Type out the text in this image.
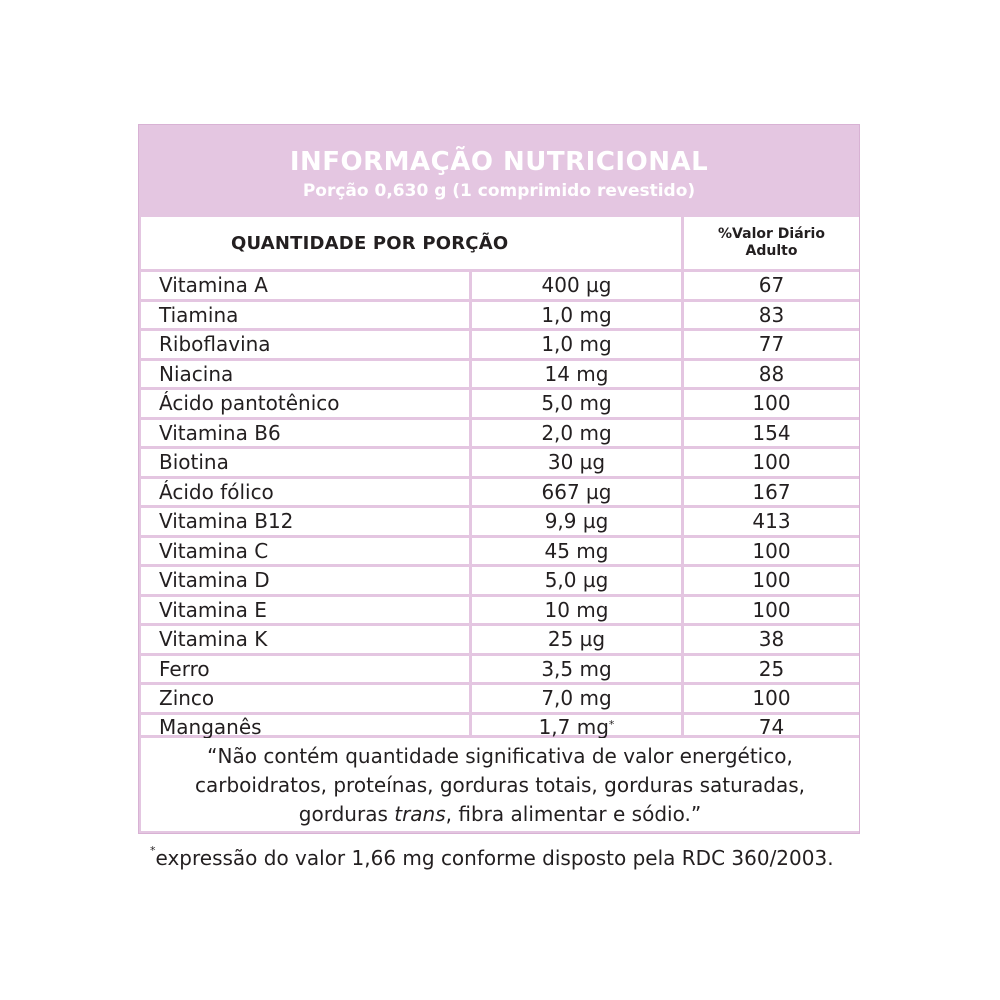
INFORMAÇÃO NUTRICIONAL
Porção 0,630 g (1 comprimido revestido)
QUANTIDADE POR PORÇÃO	%Valor Diário
Adulto
Vitamina A	400 µg	67
Tiamina	1,0 mg	83
Riboflavina	1,0 mg	77
Niacina	14 mg	88
Ácido pantotênico	5,0 mg	100
Vitamina B6	2,0 mg	154
Biotina	30 µg	100
Ácido fólico	667 µg	167
Vitamina B12	9,9 µg	413
Vitamina C	45 mg	100
Vitamina D	5,0 µg	100
Vitamina E	10 mg	100
Vitamina K	25 µg	38
Ferro	3,5 mg	25
Zinco	7,0 mg	100
Manganês	1,7 mg*	74
“Não contém quantidade significativa de valor energético,
carboidratos, proteínas, gorduras totais, gorduras saturadas,
gorduras trans, fibra alimentar e sódio.”
*expressão do valor 1,66 mg conforme disposto pela RDC 360/2003.
